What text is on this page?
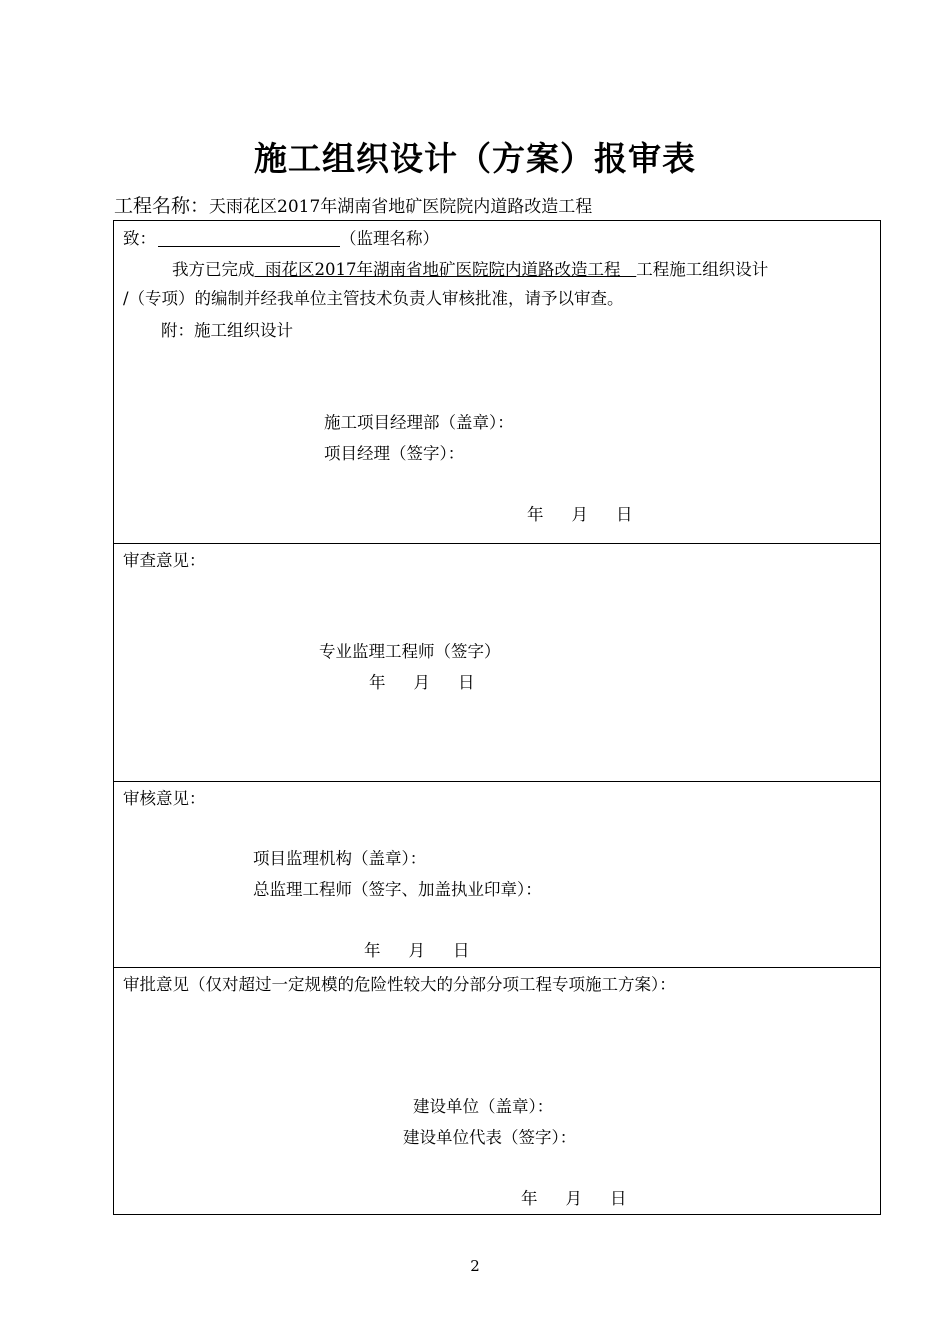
施工组织设计（方案）报审表
工程名称：天雨花区2017年湖南省地矿医院院内道路改造工程
致：	（监理名称）
我方已完成  雨花区2017年湖南省地矿医院院内道路改造工程   工程施工组织设计
/（专项）的编制并经我单位主管技术负责人审核批准，请予以审查。
附：施工组织设计
施工项目经理部（盖章）：
项目经理（签字）：
年 月 日
审查意见：
专业监理工程师（签字）
年 月 日
审核意见：
项目监理机构（盖章）：
总监理工程师（签字、加盖执业印章）：
年 月 日
审批意见（仅对超过一定规模的危险性较大的分部分项工程专项施工方案）：
建设单位（盖章）：
建设单位代表（签字）：
年 月 日
2
